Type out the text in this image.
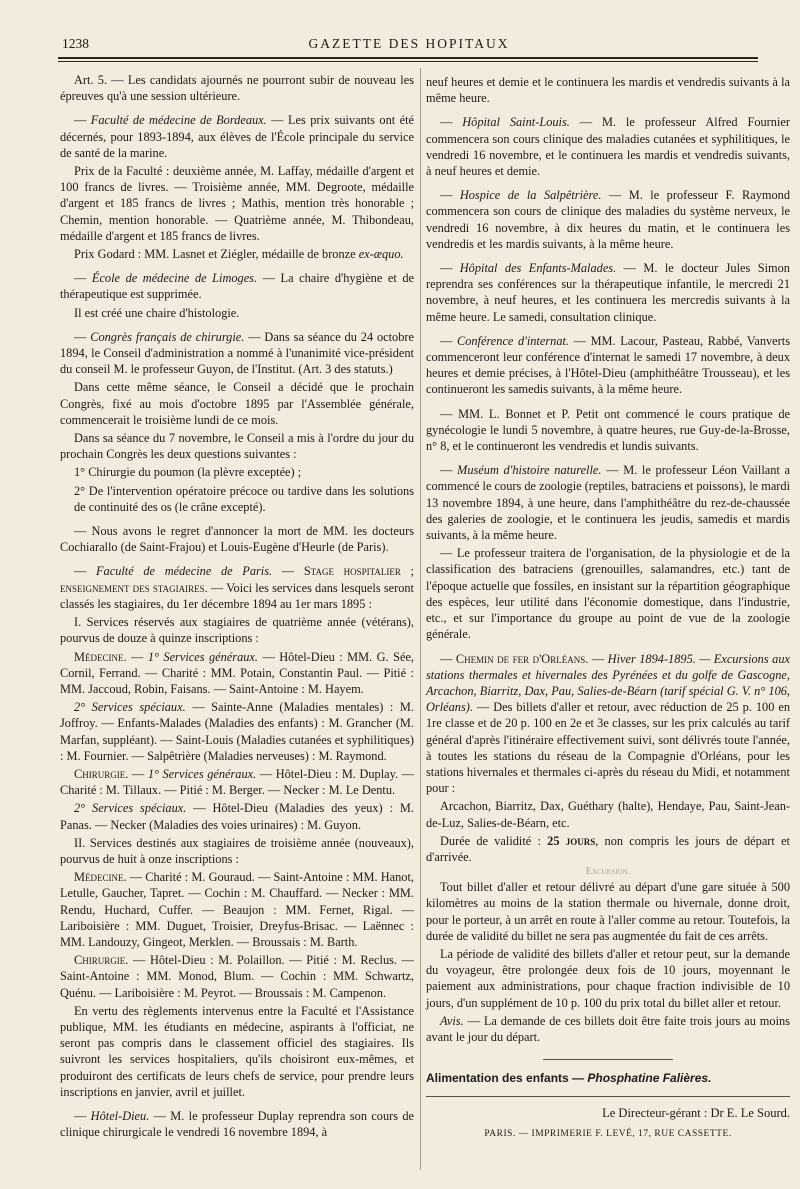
1238	GAZETTE DES HOPITAUX

Art. 5. — Les candidats ajournés ne pourront subir de nouveau les épreuves qu'à une session ultérieure.

— Faculté de médecine de Bordeaux. — Les prix suivants ont été décernés, pour 1893-1894, aux élèves de l'École principale du service de santé de la marine.

Prix de la Faculté : deuxième année, M. Laffay, médaille d'argent et 100 francs de livres. — Troisième année, MM. Degroote, médaille d'argent et 185 francs de livres ; Mathis, mention très honorable ; Chemin, mention honorable. — Quatrième année, M. Thibondeau, médaille d'argent et 185 francs de livres.

Prix Godard : MM. Lasnet et Ziégler, médaille de bronze ex-æquo.

— École de médecine de Limoges. — La chaire d'hygiène et de thérapeutique est supprimée.

Il est créé une chaire d'histologie.

— Congrès français de chirurgie. — Dans sa séance du 24 octobre 1894, le Conseil d'administration a nommé à l'unanimité vice-président du conseil M. le professeur Guyon, de l'Institut. (Art. 3 des statuts.)

Dans cette même séance, le Conseil a décidé que le prochain Congrès, fixé au mois d'octobre 1895 par l'Assemblée générale, commencerait le troisième lundi de ce mois.

Dans sa séance du 7 novembre, le Conseil a mis à l'ordre du jour du prochain Congrès les deux questions suivantes :

1° Chirurgie du poumon (la plèvre exceptée) ;

2° De l'intervention opératoire précoce ou tardive dans les solutions de continuité des os (le crâne excepté).

— Nous avons le regret d'annoncer la mort de MM. les docteurs Cochiarallo (de Saint-Frajou) et Louis-Eugène d'Heurle (de Paris).

— Faculté de médecine de Paris. — Stage hospitalier ; enseignement des stagiaires. — Voici les services dans lesquels seront classés les stagiaires, du 1er décembre 1894 au 1er mars 1895 :

I. Services réservés aux stagiaires de quatrième année (vétérans), pourvus de douze à quinze inscriptions :

Médecine. — 1° Services généraux. — Hôtel-Dieu : MM. G. Sée, Cornil, Ferrand. — Charité : MM. Potain, Constantin Paul. — Pitié : MM. Jaccoud, Robin, Faisans. — Saint-Antoine : M. Hayem.

2° Services spéciaux. — Sainte-Anne (Maladies mentales) : M. Joffroy. — Enfants-Malades (Maladies des enfants) : M. Grancher (M. Marfan, suppléant). — Saint-Louis (Maladies cutanées et syphilitiques) : M. Fournier. — Salpêtrière (Maladies nerveuses) : M. Raymond.

Chirurgie. — 1° Services généraux. — Hôtel-Dieu : M. Duplay. — Charité : M. Tillaux. — Pitié : M. Berger. — Necker : M. Le Dentu.

2° Services spéciaux. — Hôtel-Dieu (Maladies des yeux) : M. Panas. — Necker (Maladies des voies urinaires) : M. Guyon.

II. Services destinés aux stagiaires de troisième année (nouveaux), pourvus de huit à onze inscriptions :

Médecine. — Charité : M. Gouraud. — Saint-Antoine : MM. Hanot, Letulle, Gaucher, Tapret. — Cochin : M. Chauffard. — Necker : MM. Rendu, Huchard, Cuffer. — Beaujon : MM. Fernet, Rigal. — Lariboisière : MM. Duguet, Troisier, Dreyfus-Brisac. — Laënnec : MM. Landouzy, Gingeot, Merklen. — Broussais : M. Barth.

Chirurgie. — Hôtel-Dieu : M. Polaillon. — Pitié : M. Reclus. — Saint-Antoine : MM. Monod, Blum. — Cochin : MM. Schwartz, Quénu. — Lariboisière : M. Peyrot. — Broussais : M. Campenon.

En vertu des règlements intervenus entre la Faculté et l'Assistance publique, MM. les étudiants en médecine, aspirants à l'officiat, ne seront pas compris dans le classement officiel des stagiaires. Ils suivront les services hospitaliers, qu'ils choisiront eux-mêmes, et produiront des certificats de leurs chefs de service, pour prendre leurs inscriptions en janvier, avril et juillet.

— Hôtel-Dieu. — M. le professeur Duplay reprendra son cours de clinique chirurgicale le vendredi 16 novembre 1894, à

neuf heures et demie et le continuera les mardis et vendredis suivants à la même heure.

— Hôpital Saint-Louis. — M. le professeur Alfred Fournier commencera son cours clinique des maladies cutanées et syphilitiques, le vendredi 16 novembre, et le continuera les mardis et vendredis suivants, à neuf heures et demie.

— Hospice de la Salpêtrière. — M. le professeur F. Raymond commencera son cours de clinique des maladies du système nerveux, le vendredi 16 novembre, à dix heures du matin, et le continuera les vendredis et les mardis suivants, à la même heure.

— Hôpital des Enfants-Malades. — M. le docteur Jules Simon reprendra ses conférences sur la thérapeutique infantile, le mercredi 21 novembre, à neuf heures, et les continuera les mercredis suivants à la même heure. Le samedi, consultation clinique.

— Conférence d'internat. — MM. Lacour, Pasteau, Rabbé, Vanverts commenceront leur conférence d'internat le samedi 17 novembre, à deux heures et demie précises, à l'Hôtel-Dieu (amphithéâtre Trousseau), et les continueront les samedis suivants, à la même heure.

— MM. L. Bonnet et P. Petit ont commencé le cours pratique de gynécologie le lundi 5 novembre, à quatre heures, rue Guy-de-la-Brosse, n° 8, et le continueront les vendredis et lundis suivants.

— Muséum d'histoire naturelle. — M. le professeur Léon Vaillant a commencé le cours de zoologie (reptiles, batraciens et poissons), le mardi 13 novembre 1894, à une heure, dans l'amphithéâtre du rez-de-chaussée des galeries de zoologie, et le continuera les jeudis, samedis et mardis suivants, à la même heure.

— Le professeur traitera de l'organisation, de la physiologie et de la classification des batraciens (grenouilles, salamandres, etc.) tant de l'époque actuelle que fossiles, en insistant sur la répartition géographique des espèces, leur utilité dans l'économie domestique, dans l'industrie, etc., et sur l'importance du groupe au point de vue de la zoologie générale.

— Chemin de fer d'Orléans. — Hiver 1894-1895. — Excursions aux stations thermales et hivernales des Pyrénées et du golfe de Gascogne, Arcachon, Biarritz, Dax, Pau, Salies-de-Béarn (tarif spécial G. V. n° 106, Orléans). — Des billets d'aller et retour, avec réduction de 25 p. 100 en 1re classe et de 20 p. 100 en 2e et 3e classes, sur les prix calculés au tarif général d'après l'itinéraire effectivement suivi, sont délivrés toute l'année, à toutes les stations du réseau de la Compagnie d'Orléans, pour les stations hivernales et thermales ci-après du réseau du Midi, et notamment pour :

Arcachon, Biarritz, Dax, Guéthary (halte), Hendaye, Pau, Saint-Jean-de-Luz, Salies-de-Béarn, etc.

Durée de validité : 25 jours, non compris les jours de départ et d'arrivée.

Excursion.

Tout billet d'aller et retour délivré au départ d'une gare située à 500 kilomètres au moins de la station thermale ou hivernale, donne droit, pour le porteur, à un arrêt en route à l'aller comme au retour. Toutefois, la durée de validité du billet ne sera pas augmentée du fait de ces arrêts.

La période de validité des billets d'aller et retour peut, sur la demande du voyageur, être prolongée deux fois de 10 jours, moyennant le paiement aux administrations, pour chaque fraction indivisible de 10 jours, d'un supplément de 10 p. 100 du prix total du billet aller et retour.

Avis. — La demande de ces billets doit être faite trois jours au moins avant le jour du départ.

Alimentation des enfants — Phosphatine Falières.

Le Directeur-gérant : Dr E. Le Sourd.
PARIS. — IMPRIMERIE F. LEVÉ, 17, RUE CASSETTE.
